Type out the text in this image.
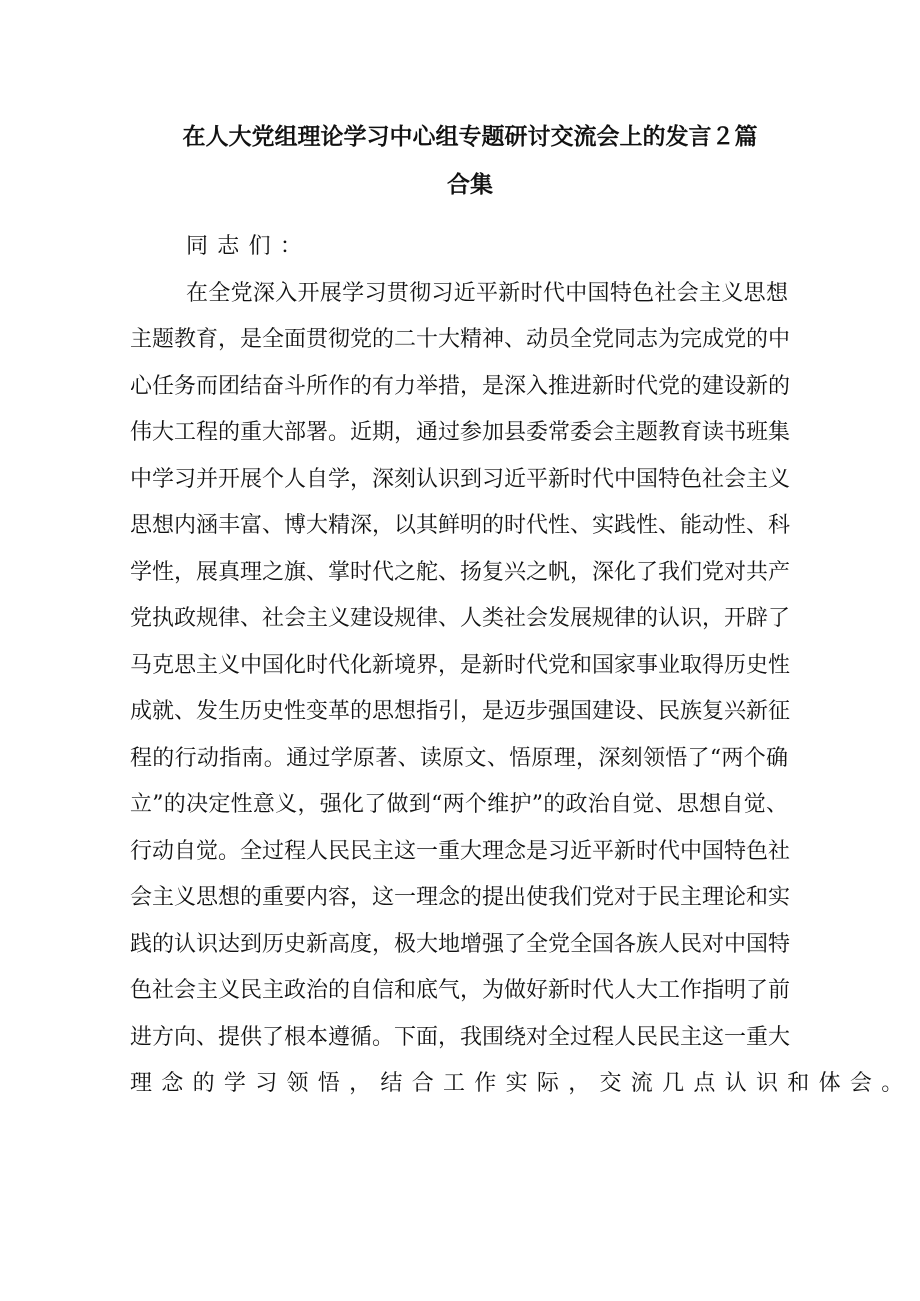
在人大党组理论学习中心组专题研讨交流会上的发言２篇
合集
同志们：
在全党深入开展学习贯彻习近平新时代中国特色社会主义思想
主题教育，是全面贯彻党的二十大精神、动员全党同志为完成党的中
心任务而团结奋斗所作的有力举措，是深入推进新时代党的建设新的
伟大工程的重大部署。近期，通过参加县委常委会主题教育读书班集
中学习并开展个人自学，深刻认识到习近平新时代中国特色社会主义
思想内涵丰富、博大精深，以其鲜明的时代性、实践性、能动性、科
学性，展真理之旗、掌时代之舵、扬复兴之帆，深化了我们党对共产
党执政规律、社会主义建设规律、人类社会发展规律的认识，开辟了
马克思主义中国化时代化新境界，是新时代党和国家事业取得历史性
成就、发生历史性变革的思想指引，是迈步强国建设、民族复兴新征
程的行动指南。通过学原著、读原文、悟原理，深刻领悟了“两个确
立”的决定性意义，强化了做到“两个维护”的政治自觉、思想自觉、
行动自觉。全过程人民民主这一重大理念是习近平新时代中国特色社
会主义思想的重要内容，这一理念的提出使我们党对于民主理论和实
践的认识达到历史新高度，极大地增强了全党全国各族人民对中国特
色社会主义民主政治的自信和底气，为做好新时代人大工作指明了前
进方向、提供了根本遵循。下面，我围绕对全过程人民民主这一重大
理念的学习领悟，结合工作实际，交流几点认识和体会。
